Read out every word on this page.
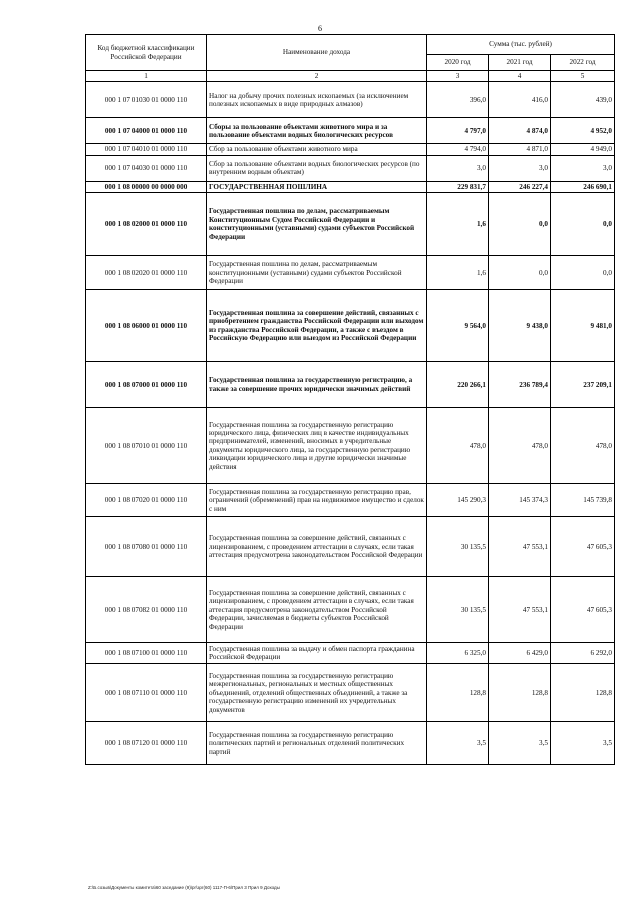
6
Код бюджетной классификации Российской Федерации	Наименование дохода	Сумма (тыс. рублей)		
		2020 год	2021 год	2022 год
1	2	3	4	5
000 1 07 01030 01 0000 110	Налог на добычу прочих полезных ископаемых (за исключением полезных ископаемых в виде природных алмазов)	396,0	416,0	439,0
000 1 07 04000 01 0000 110	Сборы за пользование объектами животного мира и за пользование объектами водных биологических ресурсов	4 797,0	4 874,0	4 952,0
000 1 07 04010 01 0000 110	Сбор за пользование объектами животного мира	4 794,0	4 871,0	4 949,0
000 1 07 04030 01 0000 110	Сбор за пользование объектами водных биологических ресурсов (по внутренним водным объектам)	3,0	3,0	3,0
000 1 08 00000 00 0000 000	ГОСУДАРСТВЕННАЯ ПОШЛИНА	229 831,7	246 227,4	246 690,1
000 1 08 02000 01 0000 110	Государственная пошлина по делам, рассматриваемым Конституционным Судом Российской Федерации и конституционными (уставными) судами субъектов Российской Федерации	1,6	0,0	0,0
000 1 08 02020 01 0000 110	Государственная пошлина по делам, рассматриваемым конституционными (уставными) судами субъектов Российской Федерации	1,6	0,0	0,0
000 1 08 06000 01 0000 110	Государственная пошлина за совершение действий, связанных с приобретением гражданства Российской Федерации или выходом из гражданства Российской Федерации, а также с въездом в Российскую Федерацию или выездом из Российской Федерации	9 564,0	9 438,0	9 481,0
000 1 08 07000 01 0000 110	Государственная пошлина за государственную регистрацию, а также за совершение прочих юридически значимых действий	220 266,1	236 789,4	237 209,1
000 1 08 07010 01 0000 110	Государственная пошлина за государственную регистрацию юридического лица, физических лиц в качестве индивидуальных предпринимателей, изменений, вносимых в учредительные документы юридического лица, за государственную регистрацию ликвидации юридического лица и другие юридически значимые действия	478,0	478,0	478,0
000 1 08 07020 01 0000 110	Государственная пошлина за государственную регистрацию прав, ограничений (обременений) прав на недвижимое имущество и сделок с ним	145 290,3	145 374,3	145 739,8
000 1 08 07080 01 0000 110	Государственная пошлина за совершение действий, связанных с лицензированием, с проведением аттестации в случаях, если такая аттестация предусмотрена законодательством Российской Федерации	30 135,5	47 553,1	47 605,3
000 1 08 07082 01 0000 110	Государственная пошлина за совершение действий, связанных с лицензированием, с проведением аттестации в случаях, если такая аттестация предусмотрена законодательством Российской Федерации, зачисляемая в бюджеты субъектов Российской Федерации	30 135,5	47 553,1	47 605,3
000 1 08 07100 01 0000 110	Государственная пошлина за выдачу и обмен паспорта гражданина Российской Федерации	6 325,0	6 429,0	6 292,0
000 1 08 07110 01 0000 110	Государственная пошлина за государственную регистрацию межрегиональных, региональных и местных общественных объединений, отделений общественных объединений, а также за государственную регистрацию изменений их учредительных документов	128,8	128,8	128,8
000 1 08 07120 01 0000 110	Государственная пошлина за государственную регистрацию политических партий и региональных отделений политических партий	3,5	3,5	3,5
Z:\Б.созыв\Документы комитета\60 заседание (9)\рг\зрг(60) 1117-П-6\Прил 3 Прил 9 Доходы
